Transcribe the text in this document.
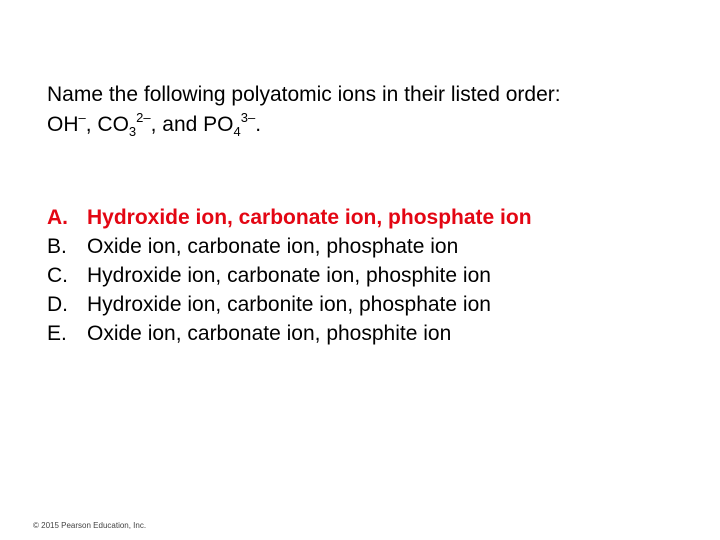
Name the following polyatomic ions in their listed order:

OH–, $CO_3^{2-}$, and $PO_4^{3-}$.

A. Hydroxide ion, carbonate ion, phosphate ion
B. Oxide ion, carbonate ion, phosphate ion
C. Hydroxide ion, carbonate ion, phosphite ion
D. Hydroxide ion, carbonite ion, phosphate ion
E. Oxide ion, carbonate ion, phosphite ion
© 2015 Pearson Education, Inc.
